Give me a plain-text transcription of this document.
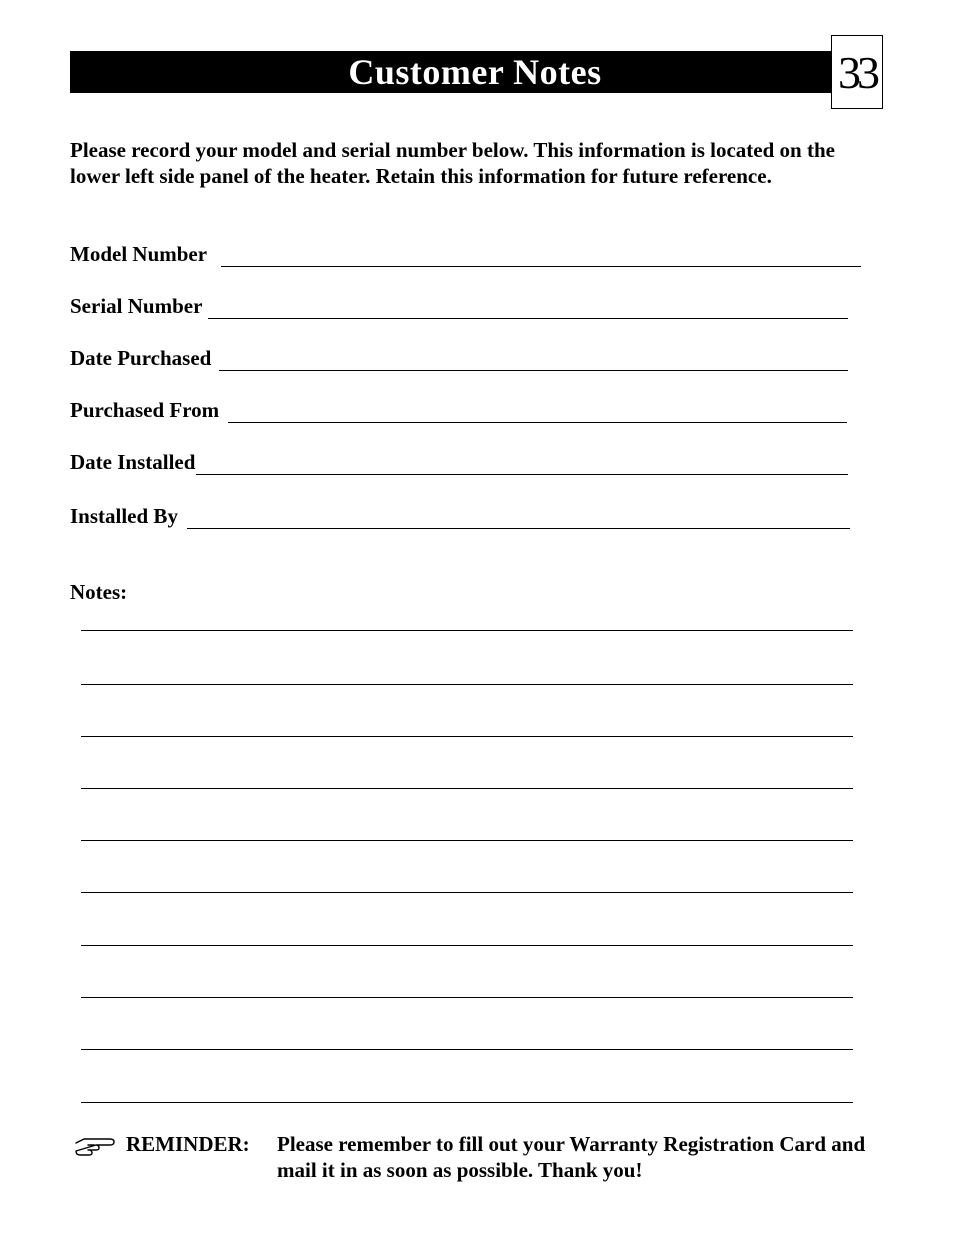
Customer Notes	33
Please record your model and serial number below. This information is located on the lower left side panel of the heater. Retain this information for future reference.
Model Number
Serial Number
Date Purchased
Purchased From
Date Installed
Installed By
Notes:
REMINDER: Please remember to fill out your Warranty Registration Card and mail it in as soon as possible. Thank you!
